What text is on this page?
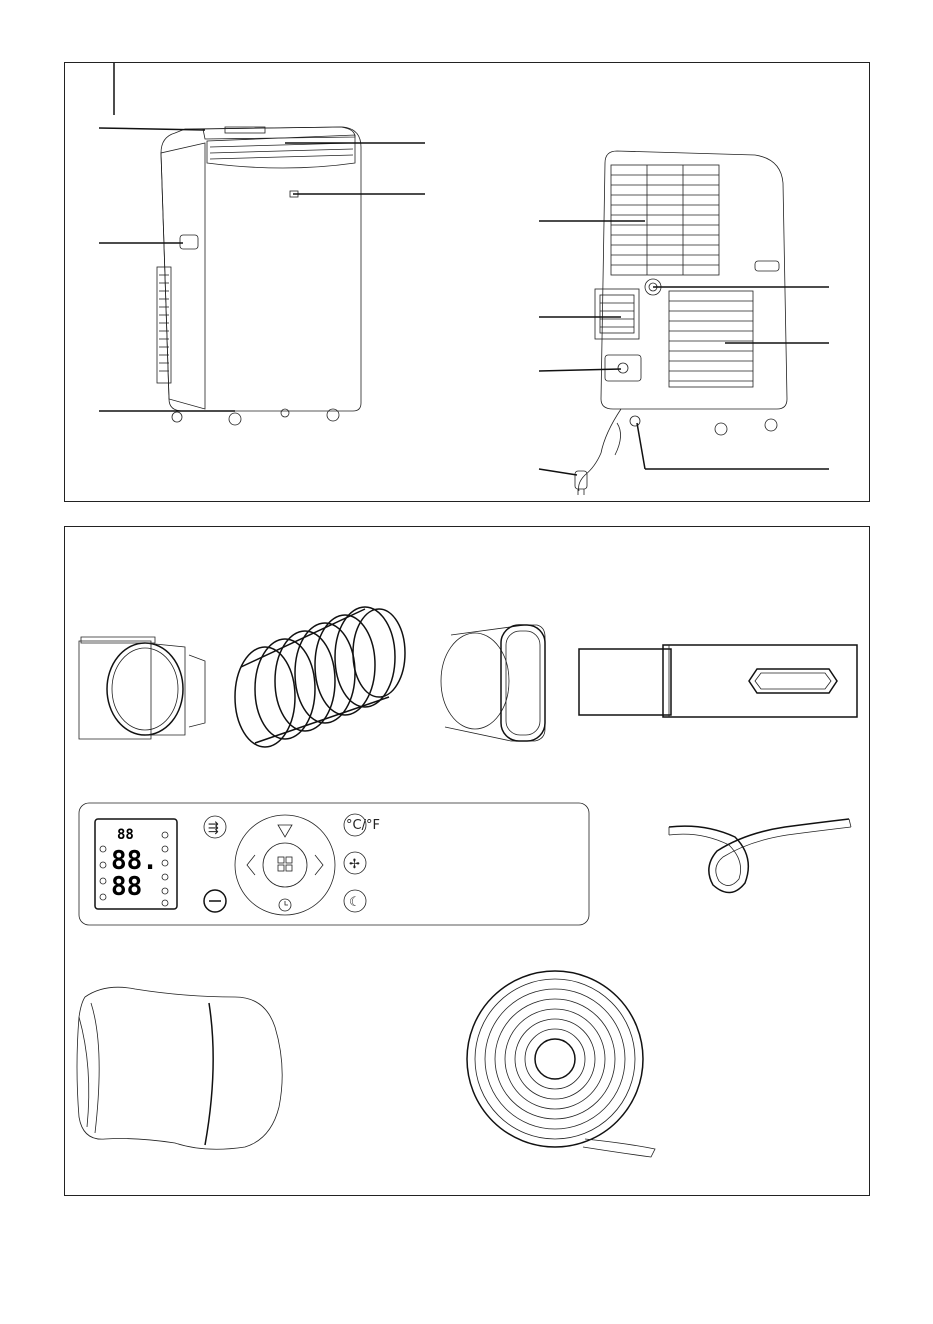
88
88.
88
⇶	°C/°F
✢
☾
